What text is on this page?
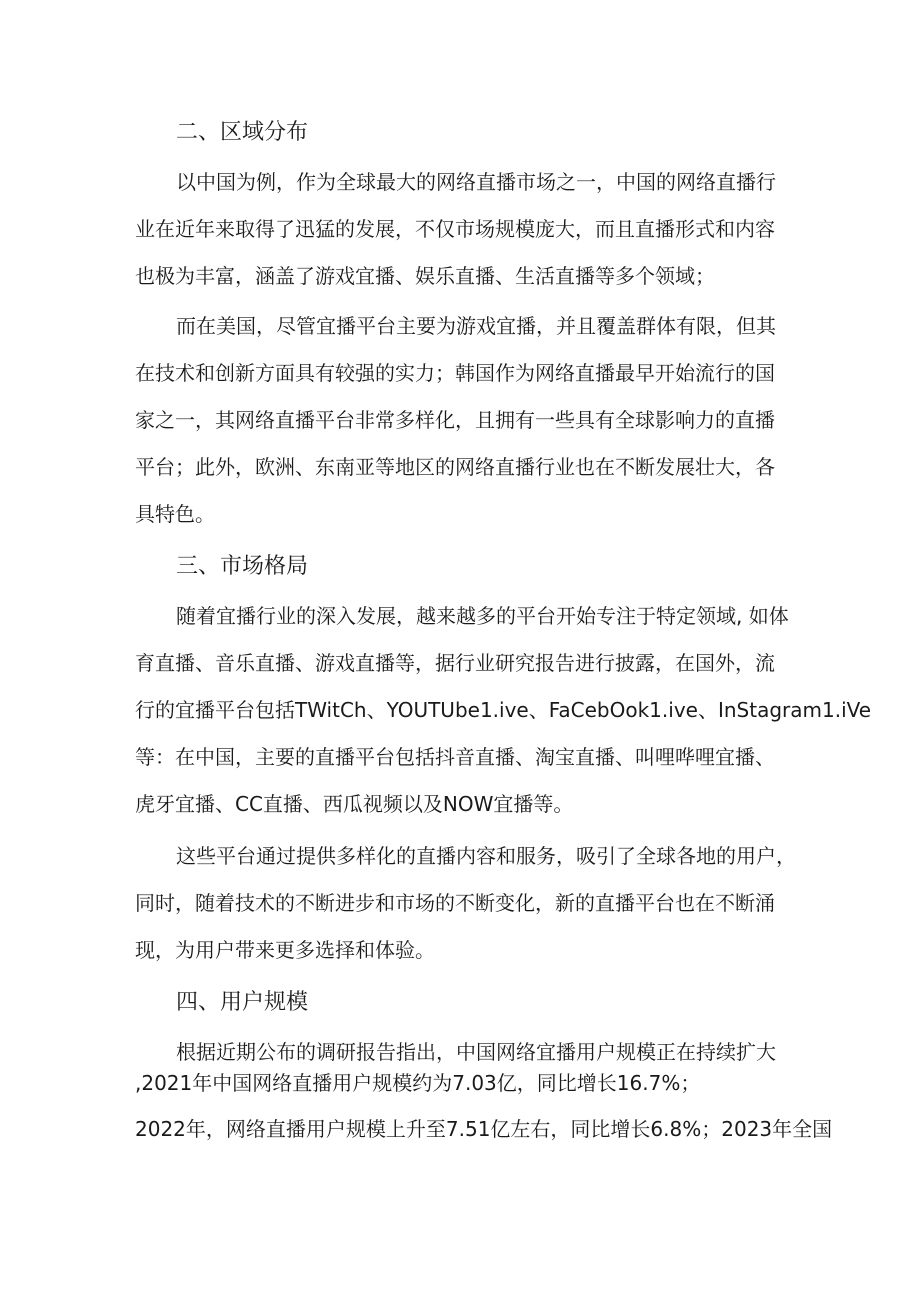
二、区域分布

以中国为例，作为全球最大的网络直播市场之一，中国的网络直播行

业在近年来取得了迅猛的发展，不仅市场规模庞大，而且直播形式和内容

也极为丰富，涵盖了游戏宜播、娱乐直播、生活直播等多个领域；

而在美国，尽管宜播平台主要为游戏宜播，并且覆盖群体有限，但其

在技术和创新方面具有较强的实力；韩国作为网络直播最早开始流行的国

家之一，其网络直播平台非常多样化，且拥有一些具有全球影响力的直播

平台；此外，欧洲、东南亚等地区的网络直播行业也在不断发展壮大，各

具特色。

三、市场格局

随着宜播行业的深入发展，越来越多的平台开始专注于特定领域, 如体

育直播、音乐直播、游戏直播等，据行业研究报告进行披露，在国外，流

行的宜播平台包括TWitCh、YOUTUbe1.ive、FaCebOok1.ive、InStagram1.iVe

等：在中国，主要的直播平台包括抖音直播、淘宝直播、叫哩哗哩宜播、

虎牙宜播、CC直播、西瓜视频以及NOW宜播等。

这些平台通过提供多样化的直播内容和服务，吸引了全球各地的用户，

同时，随着技术的不断进步和市场的不断变化，新的直播平台也在不断涌

现，为用户带来更多选择和体验。

四、用户规模

根据近期公布的调研报告指出，中国网络宜播用户规模正在持续扩大

,2021年中国网络直播用户规模约为7.03亿，同比增长16.7%；

2022年，网络直播用户规模上升至7.51亿左右，同比增长6.8%；2023年全国
